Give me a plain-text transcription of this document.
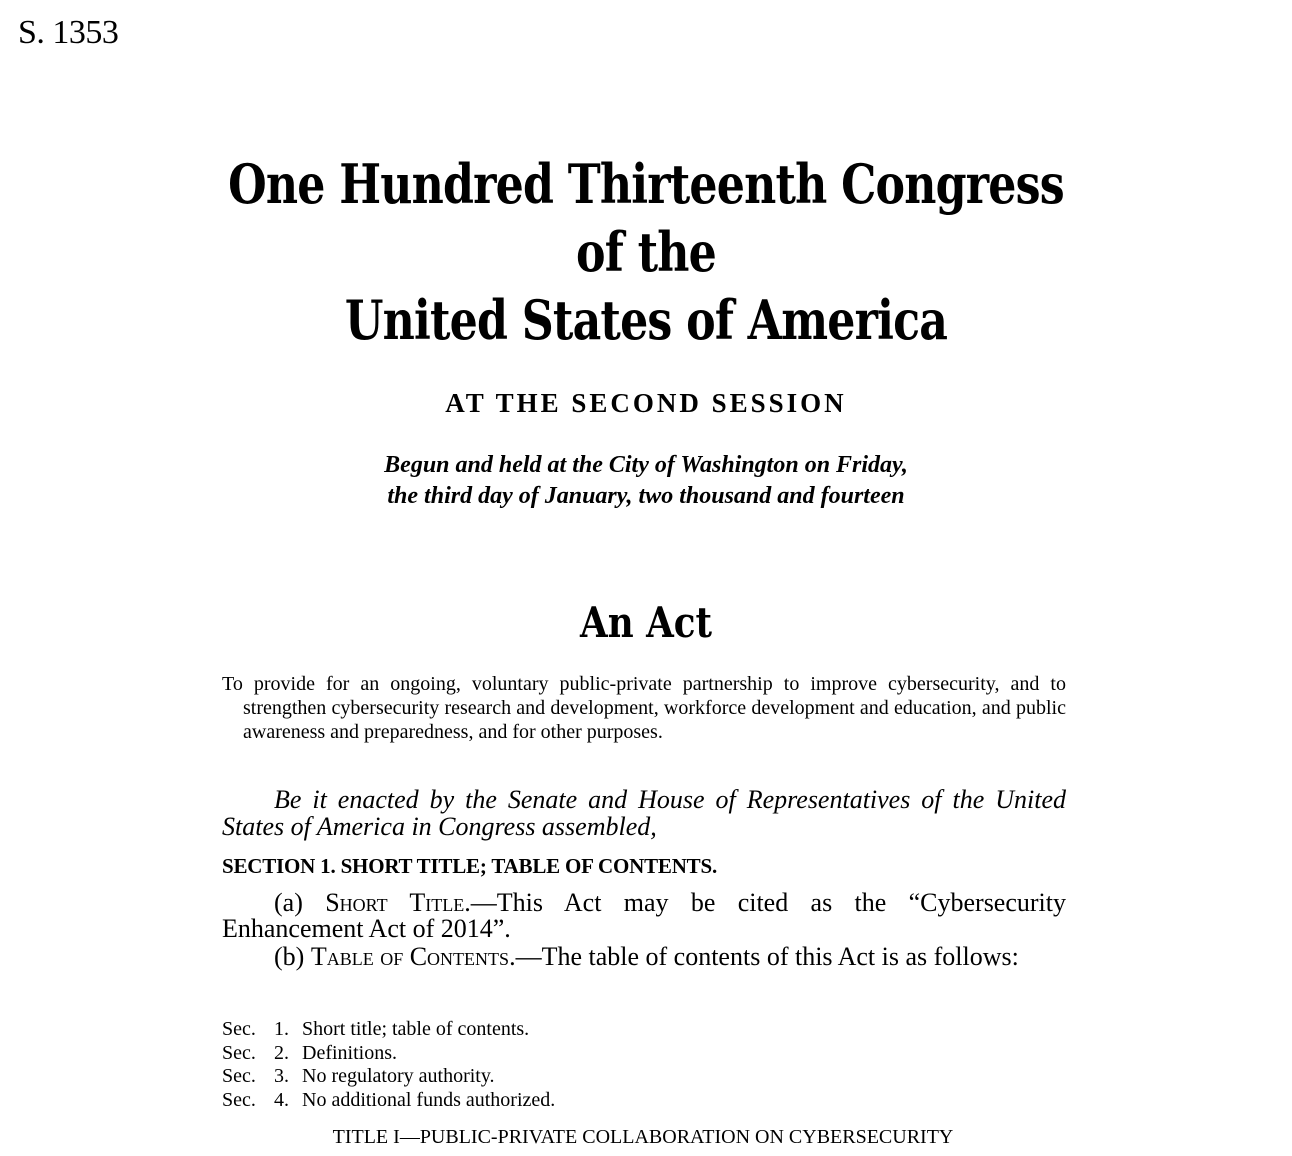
S. 1353
One Hundred Thirteenth Congress
of the
United States of America
AT THE SECOND SESSION
Begun and held at the City of Washington on Friday,
the third day of January, two thousand and fourteen
An Act
To provide for an ongoing, voluntary public-private partnership to improve cybersecurity, and to strengthen cybersecurity research and development, workforce development and education, and public awareness and preparedness, and for other purposes.
Be it enacted by the Senate and House of Representatives of the United States of America in Congress assembled,
SECTION 1. SHORT TITLE; TABLE OF CONTENTS.
(a) Short Title.—This Act may be cited as the “Cybersecurity Enhancement Act of 2014”.
(b) Table of Contents.—The table of contents of this Act is as follows:
Sec. 1. Short title; table of contents.
Sec. 2. Definitions.
Sec. 3. No regulatory authority.
Sec. 4. No additional funds authorized.
TITLE I—PUBLIC-PRIVATE COLLABORATION ON CYBERSECURITY
